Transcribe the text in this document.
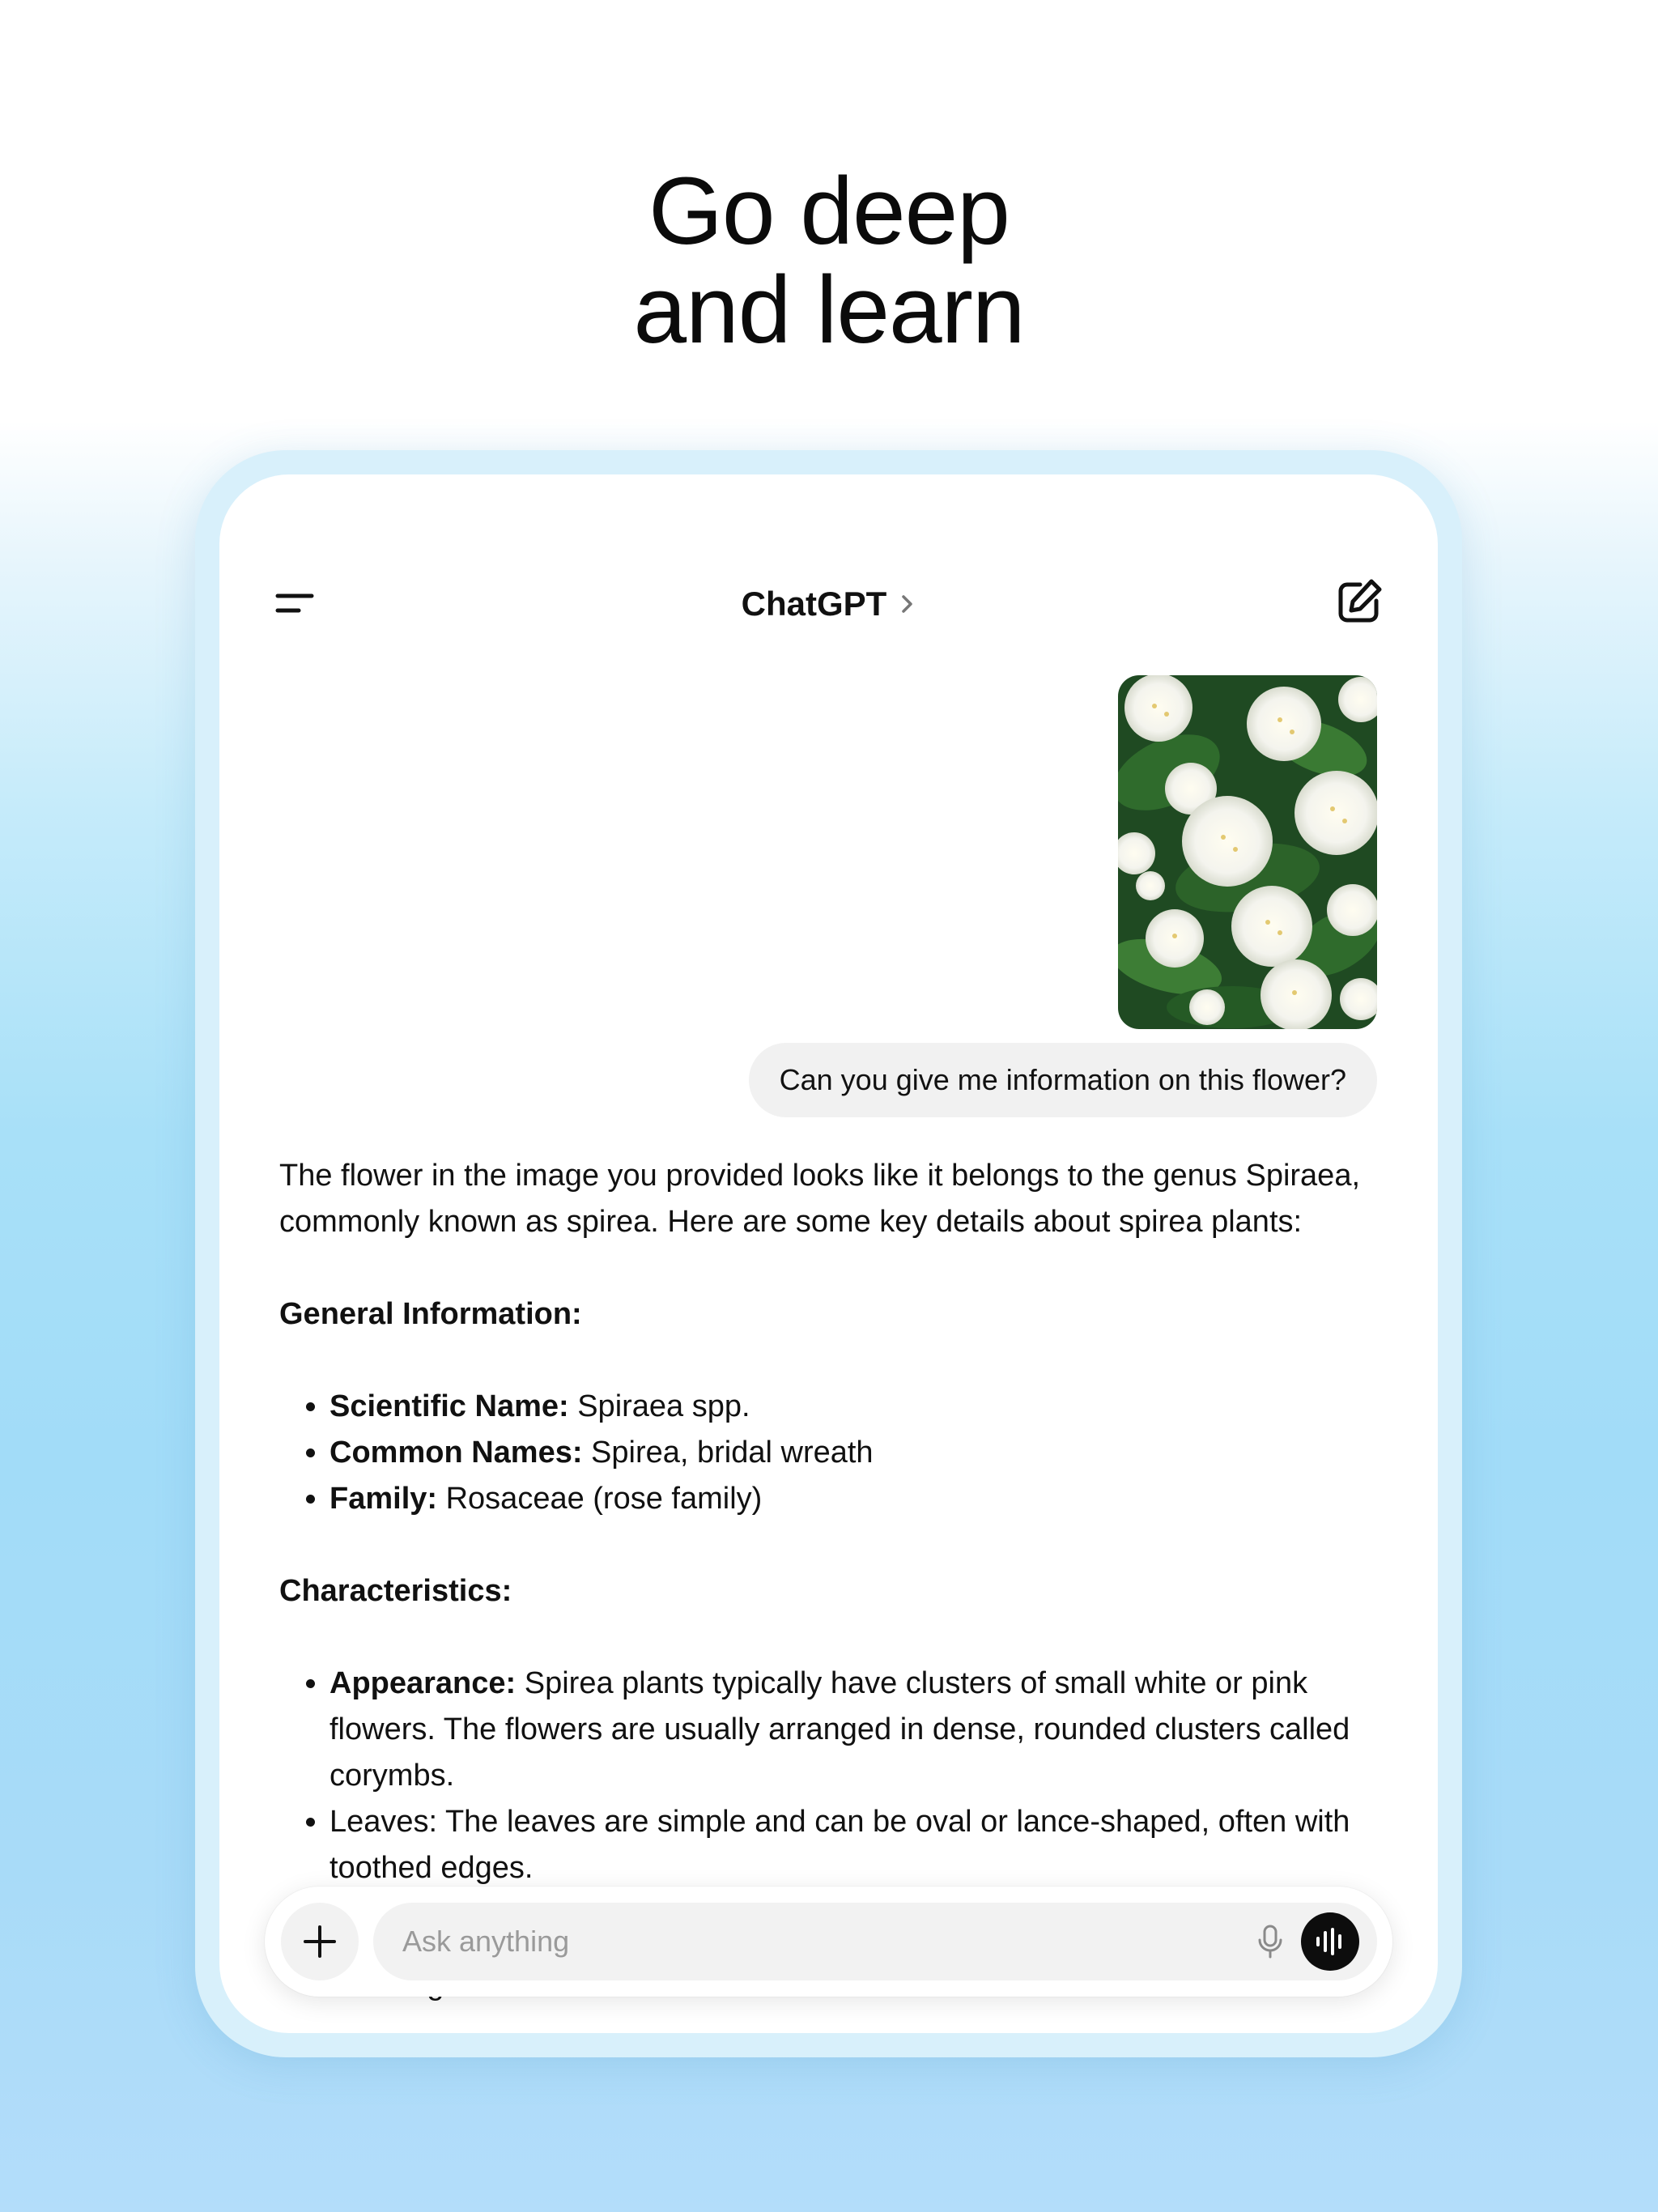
Go deep
and learn
ChatGPT
Can you give me information on this flower?

The flower in the image you provided looks like it belongs to the genus Spiraea, commonly known as spirea. Here are some key details about spirea plants:

General Information:

• Scientific Name: Spiraea spp.
• Common Names: Spirea, bridal wreath
• Family: Rosaceae (rose family)

Characteristics:

• Appearance: Spirea plants typically have clusters of small white or pink flowers. The flowers are usually arranged in dense, rounded clusters called corymbs.
• Leaves: The leaves are simple and can be oval or lance-shaped, often with toothed edges.
•
Ask anything
